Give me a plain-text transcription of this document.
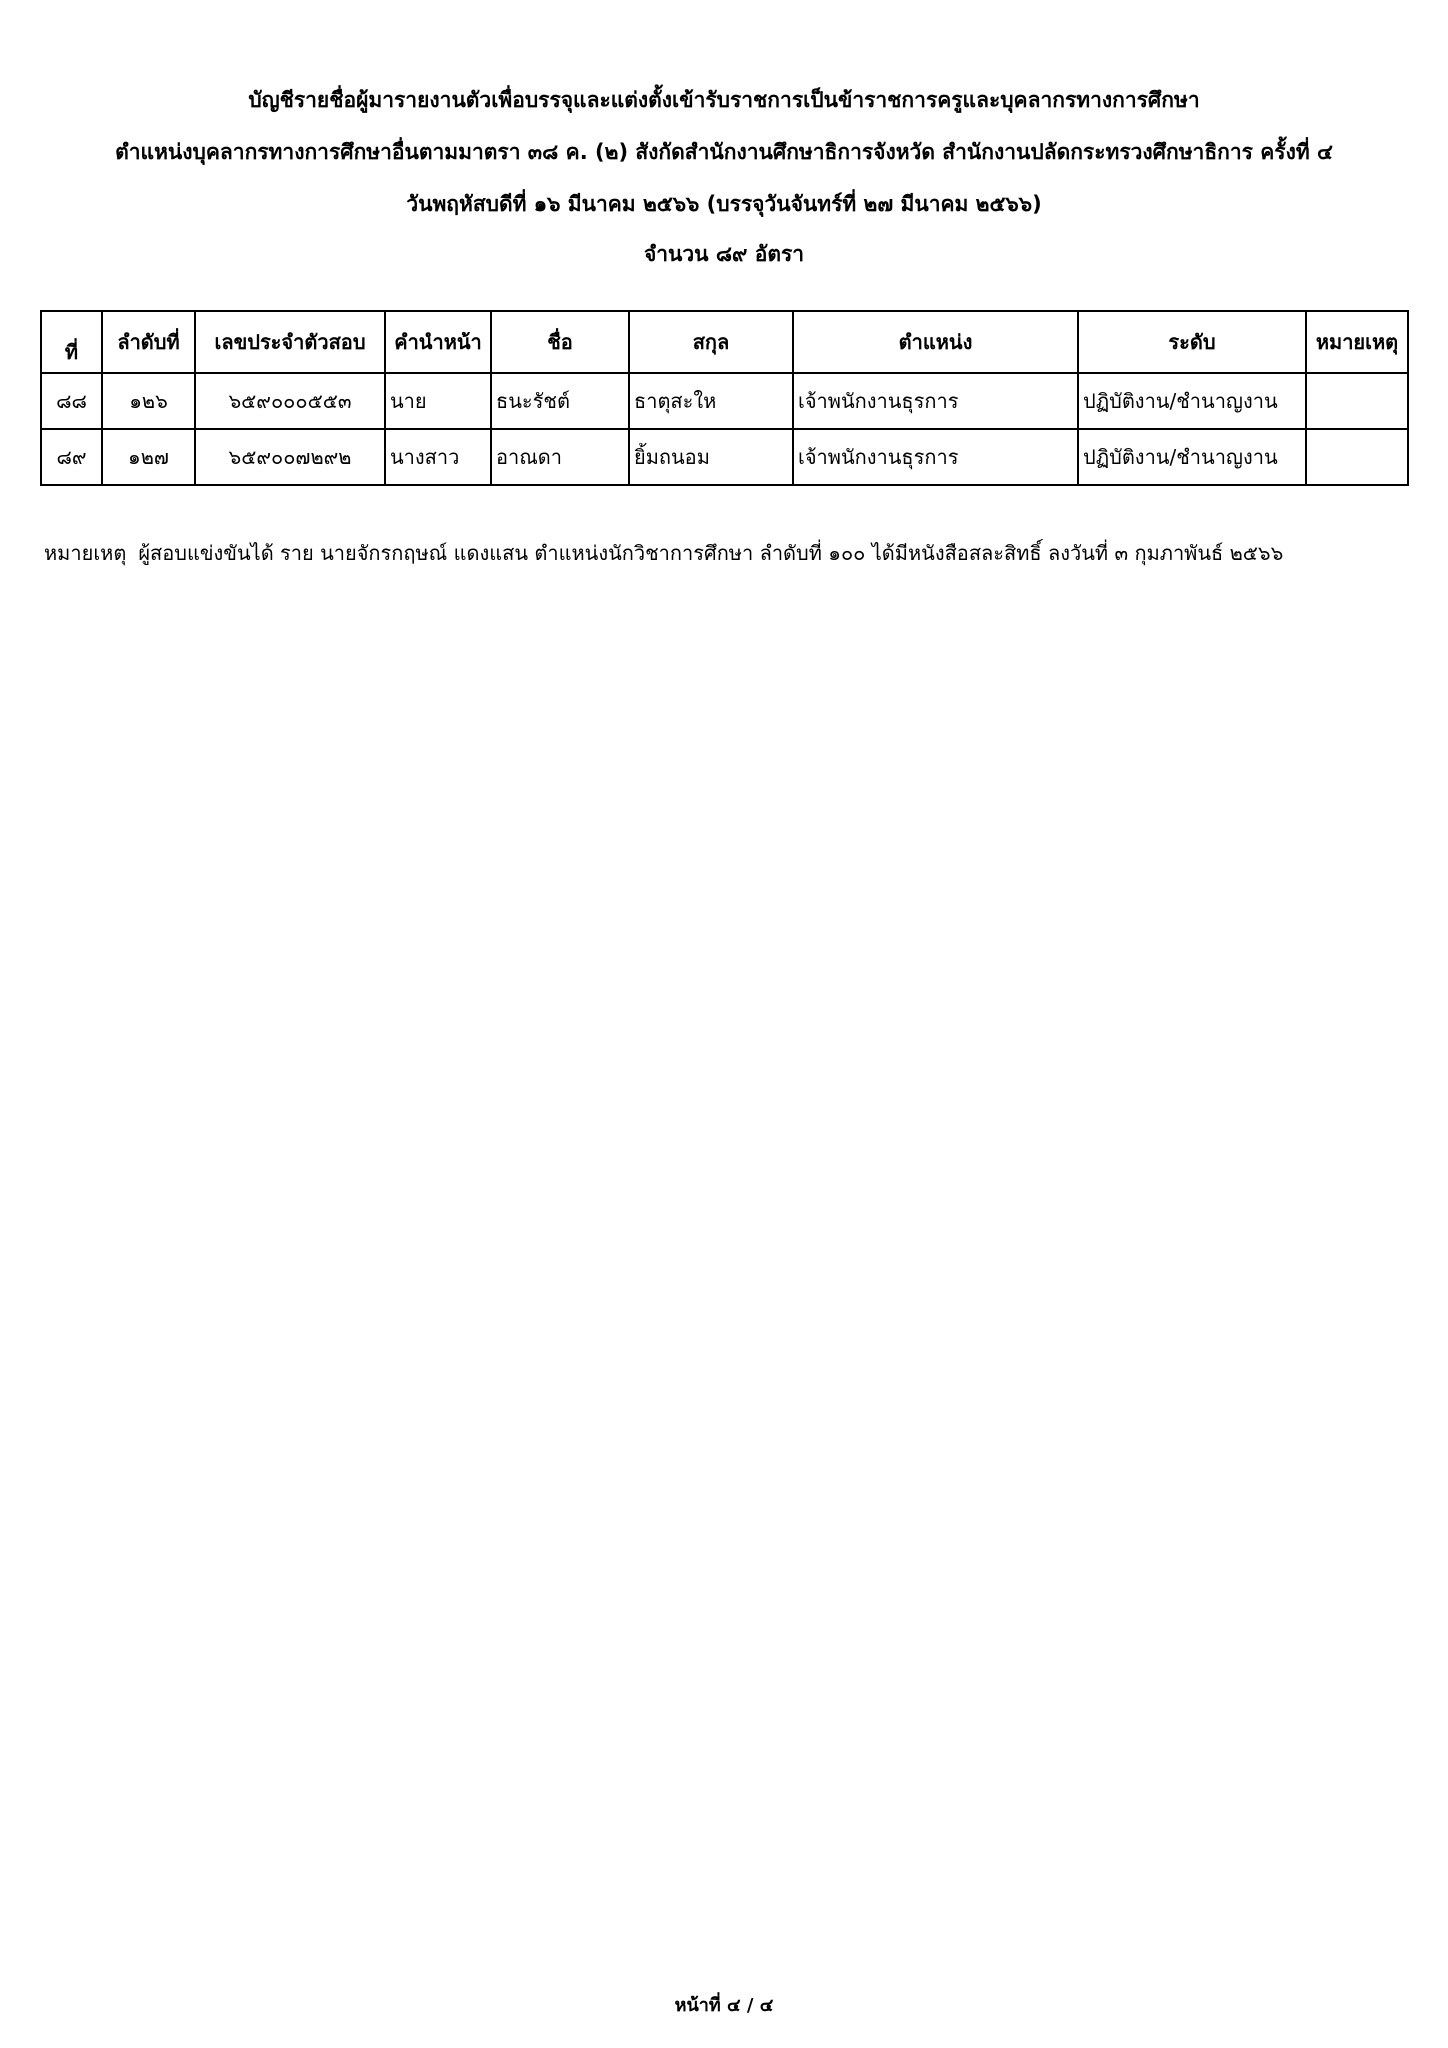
บัญชีรายชื่อผู้มารายงานตัวเพื่อบรรจุและแต่งตั้งเข้ารับราชการเป็นข้าราชการครูและบุคลากรทางการศึกษา
ตำแหน่งบุคลากรทางการศึกษาอื่นตามมาตรา ๓๘ ค. (๒) สังกัดสำนักงานศึกษาธิการจังหวัด สำนักงานปลัดกระทรวงศึกษาธิการ ครั้งที่ ๔
วันพฤหัสบดีที่ ๑๖ มีนาคม ๒๕๖๖ (บรรจุวันจันทร์ที่ ๒๗ มีนาคม ๒๕๖๖)
จำนวน ๘๙ อัตรา
ที่	ลำดับที่	เลขประจำตัวสอบ	คำนำหน้า	ชื่อ	สกุล	ตำแหน่ง	ระดับ	หมายเหตุ
๘๘	๑๒๖	๖๕๙๐๐๐๕๕๓	นาย	ธนะรัชต์	ธาตุสะให	เจ้าพนักงานธุรการ	ปฏิบัติงาน/ชำนาญงาน	
๘๙	๑๒๗	๖๕๙๐๐๗๒๙๒	นางสาว	อาณดา	ยิ้มถนอม	เจ้าพนักงานธุรการ	ปฏิบัติงาน/ชำนาญงาน	
หมายเหตุ ผู้สอบแข่งขันได้ ราย นายจักรกฤษณ์ แดงแสน ตำแหน่งนักวิชาการศึกษา ลำดับที่ ๑๐๐ ได้มีหนังสือสละสิทธิ์ ลงวันที่ ๓ กุมภาพันธ์ ๒๕๖๖
หน้าที่ ๔ / ๔
